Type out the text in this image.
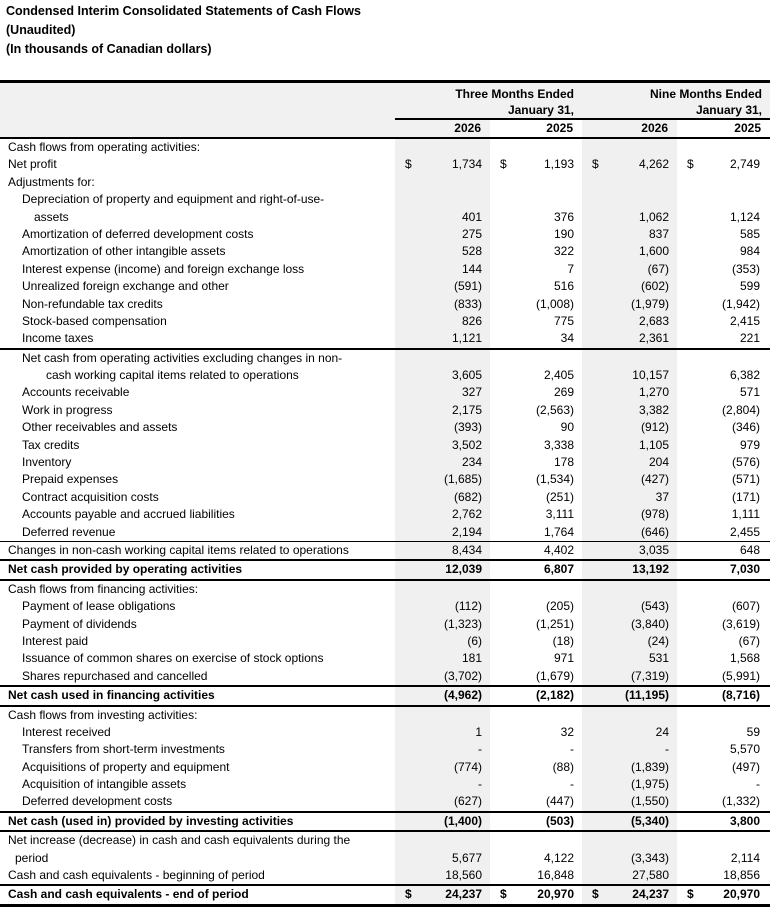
Condensed Interim Consolidated Statements of Cash Flows
(Unaudited)
(In thousands of Canadian dollars)
Three Months Ended	Nine Months Ended
January 31,	January 31,
2026	2025	2026	2025
Cash flows from operating activities:
Net profit	$	1,734 $	1,193 $	4,262 $	2,749
Adjustments for:
Depreciation of property and equipment and right-of-use-
assets	401	376	1,062	1,124
Amortization of deferred development costs	275	190	837	585
Amortization of other intangible assets	528	322	1,600	984
Interest expense (income) and foreign exchange loss	144	7	(67)	(353)
Unrealized foreign exchange and other	(591)	516	(602)	599
Non-refundable tax credits	(833)	(1,008)	(1,979)	(1,942)
Stock-based compensation	826	775	2,683	2,415
Income taxes	1,121	34	2,361	221
Net cash from operating activities excluding changes in non-
cash working capital items related to operations	3,605	2,405	10,157	6,382
Accounts receivable	327	269	1,270	571
Work in progress	2,175	(2,563)	3,382	(2,804)
Other receivables and assets	(393)	90	(912)	(346)
Tax credits	3,502	3,338	1,105	979
Inventory	234	178	204	(576)
Prepaid expenses	(1,685)	(1,534)	(427)	(571)
Contract acquisition costs	(682)	(251)	37	(171)
Accounts payable and accrued liabilities	2,762	3,111	(978)	1,111
Deferred revenue	2,194	1,764	(646)	2,455
Changes in non-cash working capital items related to operations	8,434	4,402	3,035	648
Net cash provided by operating activities	12,039	6,807	13,192	7,030
Cash flows from financing activities:
Payment of lease obligations	(112)	(205)	(543)	(607)
Payment of dividends	(1,323)	(1,251)	(3,840)	(3,619)
Interest paid	(6)	(18)	(24)	(67)
Issuance of common shares on exercise of stock options	181	971	531	1,568
Shares repurchased and cancelled	(3,702)	(1,679)	(7,319)	(5,991)
Net cash used in financing activities	(4,962)	(2,182)	(11,195)	(8,716)
Cash flows from investing activities:
Interest received	1	32	24	59
Transfers from short-term investments	-	-	-	5,570
Acquisitions of property and equipment	(774)	(88)	(1,839)	(497)
Acquisition of intangible assets	-	-	(1,975)	-
Deferred development costs	(627)	(447)	(1,550)	(1,332)
Net cash (used in) provided by investing activities	(1,400)	(503)	(5,340)	3,800
Net increase (decrease) in cash and cash equivalents during the
period	5,677	4,122	(3,343)	2,114
Cash and cash equivalents - beginning of period	18,560	16,848	27,580	18,856
Cash and cash equivalents - end of period	$	24,237 $	20,970 $	24,237 $ 20,970
